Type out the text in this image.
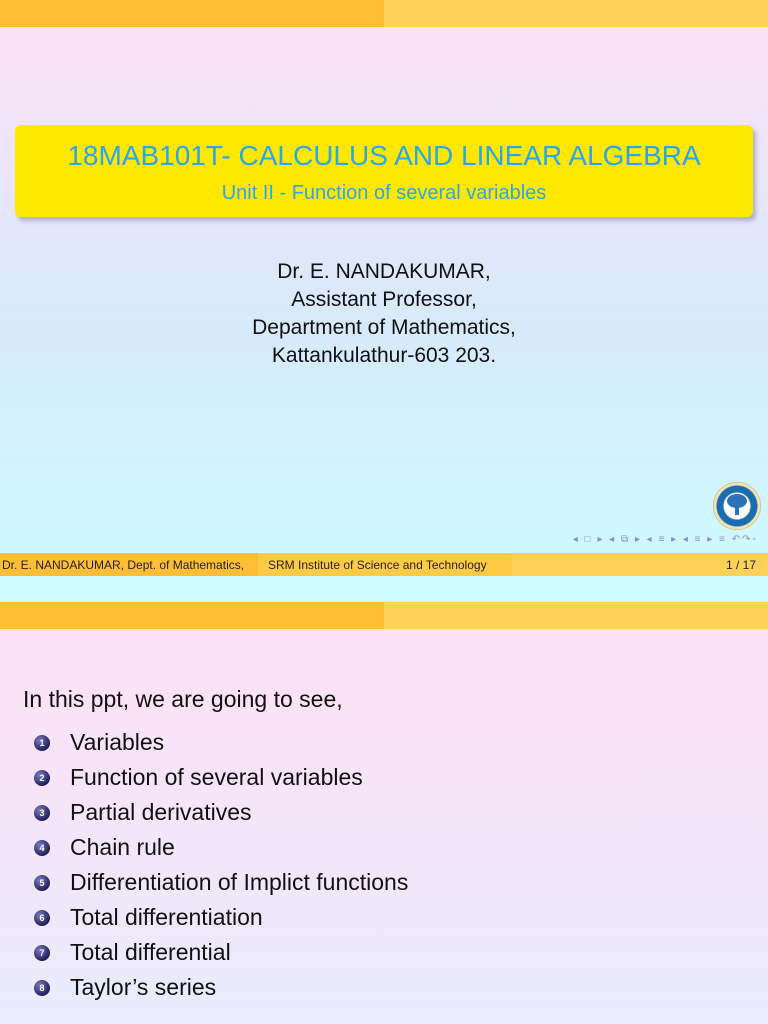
18MAB101T- CALCULUS AND LINEAR ALGEBRA
Unit II - Function of several variables
Dr. E. NANDAKUMAR,
Assistant Professor,
Department of Mathematics,
Kattankulathur-603 203.
◂ □ ▸ ◂ ⧉ ▸ ◂ ≡ ▸ ◂ ≡ ▸ ≡ ↶↷◦
Dr. E. NANDAKUMAR, Dept. of Mathematics, SRM Institute of Science and Technology	1 / 17
In this ppt, we are going to see,
1 Variables
2 Function of several variables
3 Partial derivatives
4 Chain rule
5 Differentiation of Implict functions
6 Total differentiation
7 Total differential
8 Taylor’s series
